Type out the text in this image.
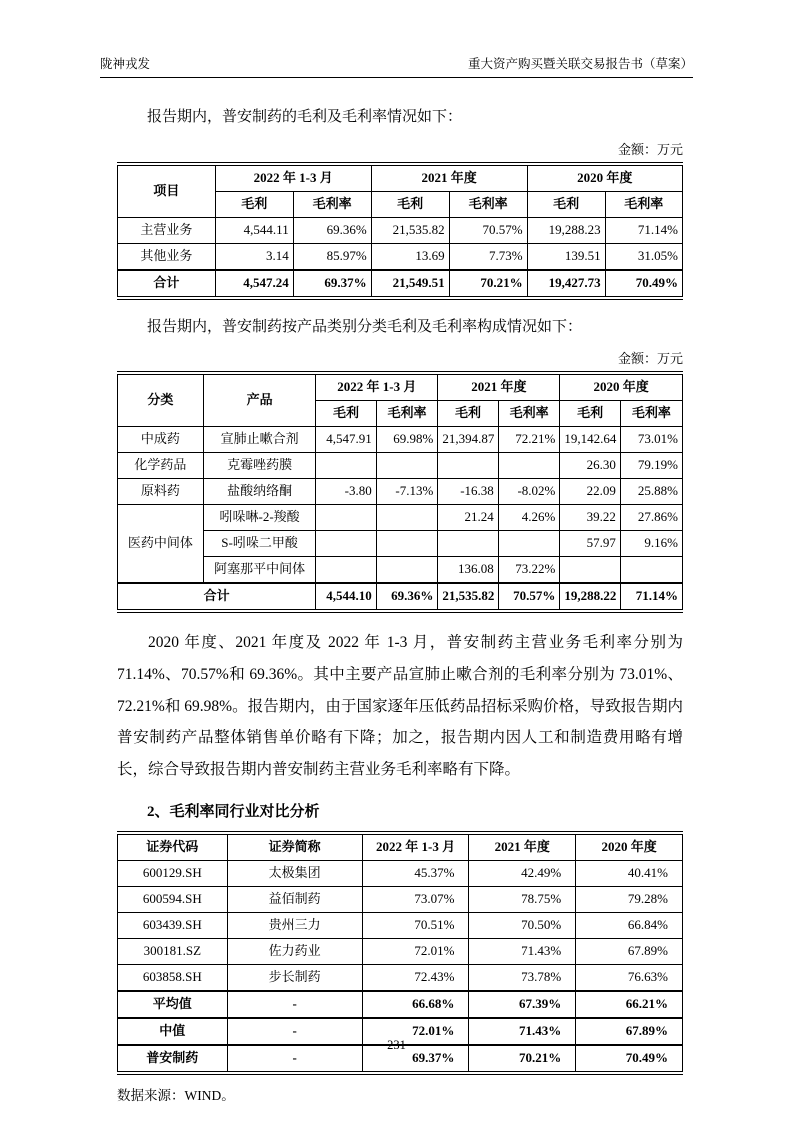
陇神戎发	重大资产购买暨关联交易报告书（草案）

报告期内，普安制药的毛利及毛利率情况如下：

金额：万元
项目	2022 年 1-3 月		2021 年度		2020 年度	
	毛利	毛利率	毛利	毛利率	毛利	毛利率
主营业务	4,544.11	69.36%	21,535.82	70.57%	19,288.23	71.14%
其他业务	3.14	85.97%	13.69	7.73%	139.51	31.05%
合计	4,547.24	69.37%	21,549.51	70.21%	19,427.73	70.49%

报告期内，普安制药按产品类别分类毛利及毛利率构成情况如下：

金额：万元
分类	产品	2022 年 1-3 月		2021 年度		2020 年度	
		毛利	毛利率	毛利	毛利率	毛利	毛利率
中成药	宣肺止嗽合剂	4,547.91	69.98%	21,394.87	72.21%	19,142.64	73.01%
化学药品	克霉唑药膜					26.30	79.19%
原料药	盐酸纳络酮	-3.80	-7.13%	-16.38	-8.02%	22.09	25.88%
医药中间体	吲哚啉-2-羧酸			21.24	4.26%	39.22	27.86%
	S-吲哚二甲酸					57.97	9.16%
	阿塞那平中间体			136.08	73.22%		
合计		4,544.10	69.36%	21,535.82	70.57%	19,288.22	71.14%

2020 年度、2021 年度及 2022 年 1-3 月，普安制药主营业务毛利率分别为 71.14%、70.57%和 69.36%。其中主要产品宣肺止嗽合剂的毛利率分别为 73.01%、72.21%和 69.98%。报告期内，由于国家逐年压低药品招标采购价格，导致报告期内普安制药产品整体销售单价略有下降；加之，报告期内因人工和制造费用略有增长，综合导致报告期内普安制药主营业务毛利率略有下降。

2、毛利率同行业对比分析
证券代码	证券简称	2022 年 1-3 月	2021 年度	2020 年度
600129.SH	太极集团	45.37%	42.49%	40.41%
600594.SH	益佰制药	73.07%	78.75%	79.28%
603439.SH	贵州三力	70.51%	70.50%	66.84%
300181.SZ	佐力药业	72.01%	71.43%	67.89%
603858.SH	步长制药	72.43%	73.78%	76.63%
平均值	-	66.68%	67.39%	66.21%
中值	-	72.01%	71.43%	67.89%
普安制药	-	69.37%	70.21%	70.49%
数据来源：WIND。
231
